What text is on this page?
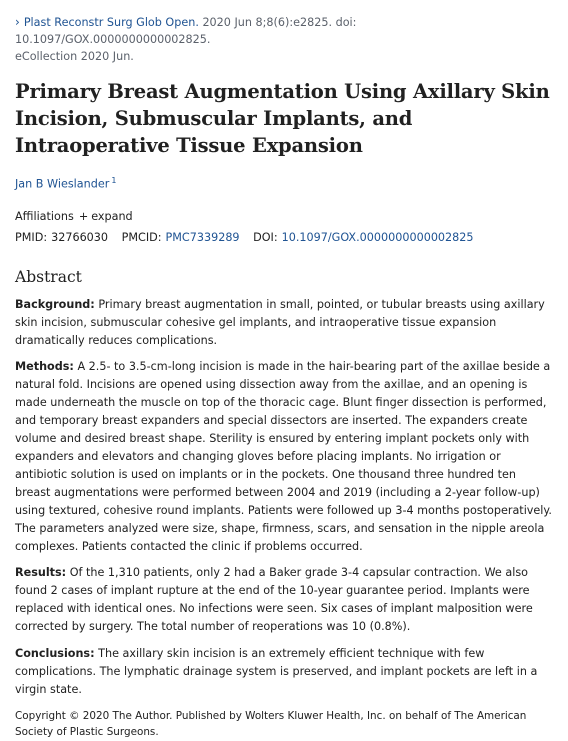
› Plast Reconstr Surg Glob Open. 2020 Jun 8;8(6):e2825. doi: 10.1097/GOX.0000000000002825.
eCollection 2020 Jun.

Primary Breast Augmentation Using Axillary Skin Incision, Submuscular Implants, and Intraoperative Tissue Expansion
Jan B Wieslander $^1$
Affiliations + expand
PMID: 32766030 PMCID: PMC7339289 DOI: 10.1097/GOX.0000000000002825
Abstract

Background: Primary breast augmentation in small, pointed, or tubular breasts using axillary skin incision, submuscular cohesive gel implants, and intraoperative tissue expansion dramatically reduces complications.

Methods: A 2.5- to 3.5-cm-long incision is made in the hair-bearing part of the axillae beside a natural fold. Incisions are opened using dissection away from the axillae, and an opening is made underneath the muscle on top of the thoracic cage. Blunt finger dissection is performed, and temporary breast expanders and special dissectors are inserted. The expanders create volume and desired breast shape. Sterility is ensured by entering implant pockets only with expanders and elevators and changing gloves before placing implants. No irrigation or antibiotic solution is used on implants or in the pockets. One thousand three hundred ten breast augmentations were performed between 2004 and 2019 (including a 2-year follow-up) using textured, cohesive round implants. Patients were followed up 3-4 months postoperatively. The parameters analyzed were size, shape, firmness, scars, and sensation in the nipple areola complexes. Patients contacted the clinic if problems occurred.

Results: Of the 1,310 patients, only 2 had a Baker grade 3-4 capsular contraction. We also found 2 cases of implant rupture at the end of the 10-year guarantee period. Implants were replaced with identical ones. No infections were seen. Six cases of implant malposition were corrected by surgery. The total number of reoperations was 10 (0.8%).

Conclusions: The axillary skin incision is an extremely efficient technique with few complications. The lymphatic drainage system is preserved, and implant pockets are left in a virgin state.

Copyright © 2020 The Author. Published by Wolters Kluwer Health, Inc. on behalf of The American Society of Plastic Surgeons.
